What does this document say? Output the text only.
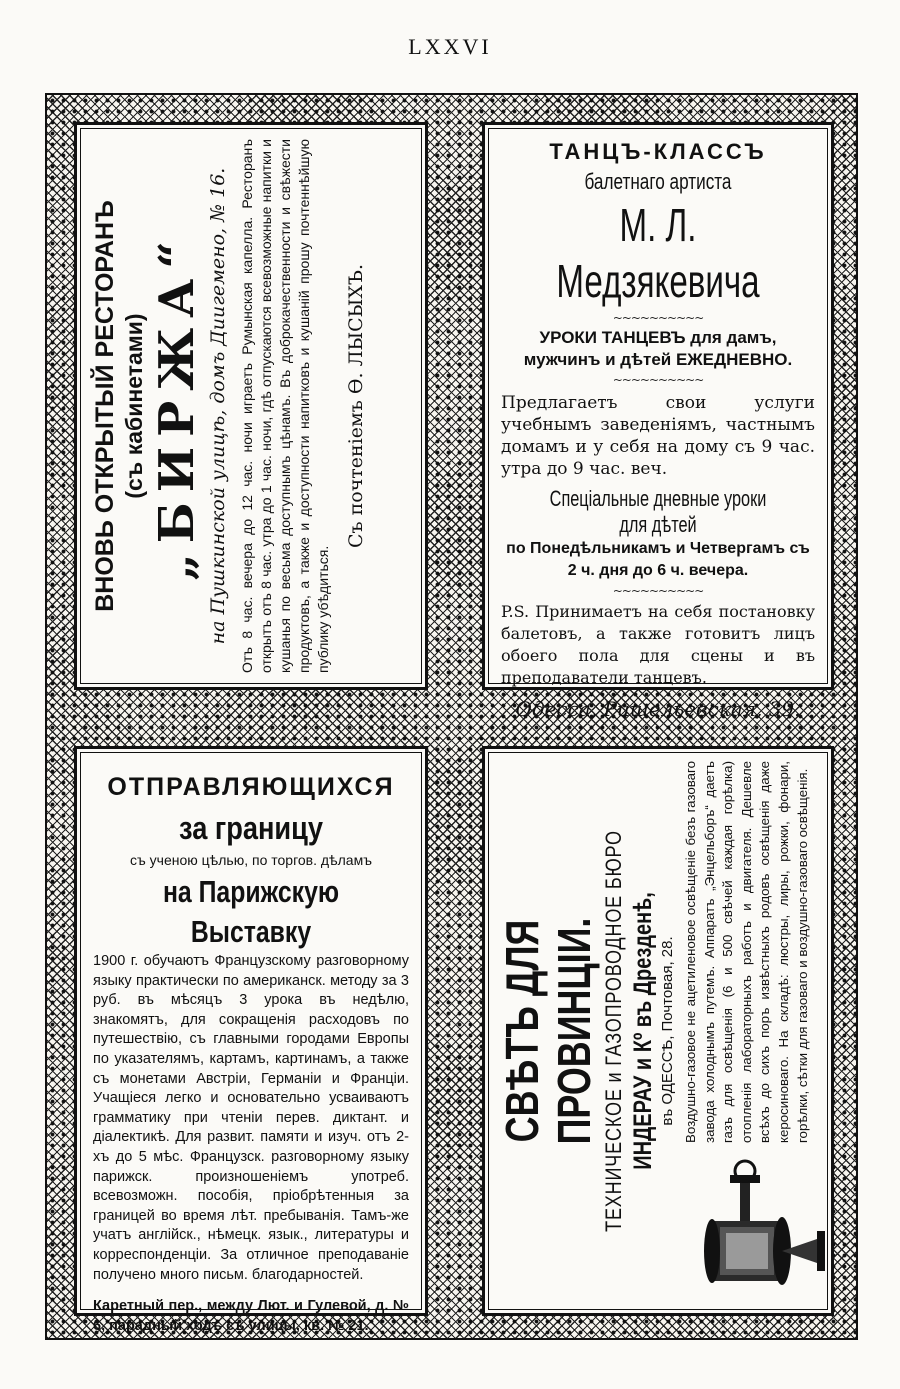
LXXVI
ВНОВЬ ОТКРЫТЫЙ РЕСТОРАНЪ (съ кабинетами) „БИРЖА“ на Пушкинской улицѣ, домъ Диигемено, № 16. Отъ 8 час. вечера до 12 час. ночи играетъ Румынская капелла. Ресторанъ открытъ отъ 8 час. утра до 1 час. ночи, гдѣ отпускаются всевозможные напитки и кушанья по весьма доступнымъ цѣнамъ. Въ доброкачественности и свѣжести продуктовъ, а также и доступности напитковъ и кушаній прошу почтеннѣйшую публику убѣдиться.
Съ почтеніемъ Ѳ. ЛЫСЫХЪ.
ТАНЦЪ-КЛАССЪ
балетнаго артиста
М. Л. Медзякевича
~~~~~~~~~~
УРОКИ ТАНЦЕВЪ для дамъ, мужчинъ и дѣтей ЕЖЕДНЕВНО.
~~~~~~~~~~
Предлагаетъ свои услуги учебнымъ заведеніямъ, частнымъ домамъ и у себя на дому съ 9 час. утра до 9 час. веч.
Спеціальные дневные уроки для дѣтей
по Понедѣльникамъ и Четвергамъ съ 2 ч. дня до 6 ч. вечера.
~~~~~~~~~~
P.S. Принимаетъ на себя постановку балетовъ, а также готовитъ лицъ обоего пола для сцены и въ преподаватели танцевъ.
Одесса, Ришельевская, 39.
ОТПРАВЛЯЮЩИХСЯ
за границу
съ ученою цѣлью, по торгов. дѣламъ
на Парижскую Выставку
1900 г. обучаютъ Французскому разговорному языку практически по американск. методу за 3 руб. въ мѣсяцъ 3 урока въ недѣлю, знакомятъ, для сокращенія расходовъ по путешествію, съ главными городами Европы по указателямъ, картамъ, картинамъ, а также съ монетами Австріи, Германіи и Франціи. Учащіеся легко и основательно усваиваютъ грамматику при чтеніи перев. диктант. и діалектикѣ. Для развит. памяти и изуч. отъ 2-хъ до 5 мѣс. Французск. разговорному языку парижск. произношеніемъ употреб. всевозможн. пособія, пріобрѣтенныя за границей во время лѣт. пребыванія. Тамъ-же учатъ англійск., нѣмецк. язык., литературы и корреспонденціи. За отличное преподаваніе получено много письм. благодарностей.
Каретный пер., между Лют. и Гулевой, д. № 6, парадный ходъ съ улицы, кв. № 21.
СВѢТЪ ДЛЯ ПРОВИНЦІИ. ТЕХНИЧЕСКОЕ и ГАЗОПРОВОДНОЕ БЮРО ИНДЕРАУ и Кº въ Дрезденѣ, въ ОДЕССѢ, Почтовая, 28. Воздушно-газовое не ацетиленовое освѣщеніе безъ газоваго завода холоднымъ путемъ. Аппаратъ „Энцельборъ“ даетъ газъ для освѣщенія (6 и 500 свѣчей каждая горѣлка) отопленія лабораторныхъ работъ и двигателя. Дешевле всѣхъ до сихъ поръ извѣстныхъ родовъ освѣщенія даже керосиноваго. На складѣ: люстры, лиры, рожки, фонари, горѣлки, сѣтки для газоваго и воздушно-газоваго освѣщенія.
